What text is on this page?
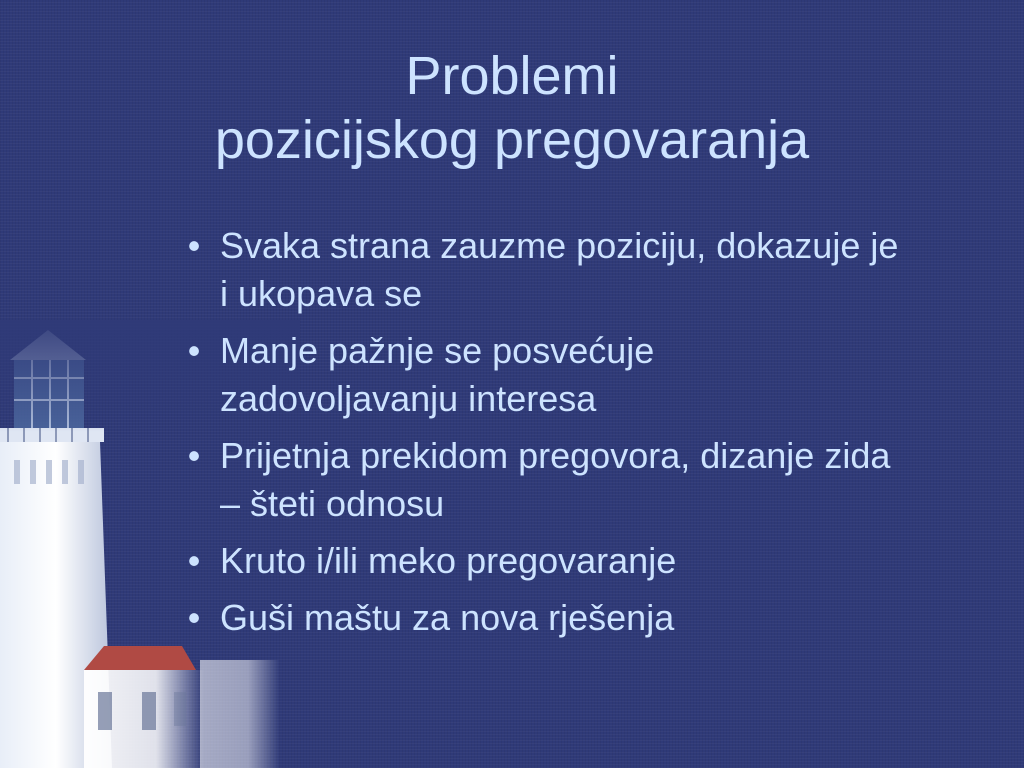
Problemi
pozicijskog pregovaranja
• Svaka strana zauzme poziciju, dokazuje je i ukopava se
• Manje pažnje se posvećuje zadovoljavanju interesa
• Prijetnja prekidom pregovora, dizanje zida – šteti odnosu
• Kruto i/ili meko pregovaranje
• Guši maštu za nova rješenja
